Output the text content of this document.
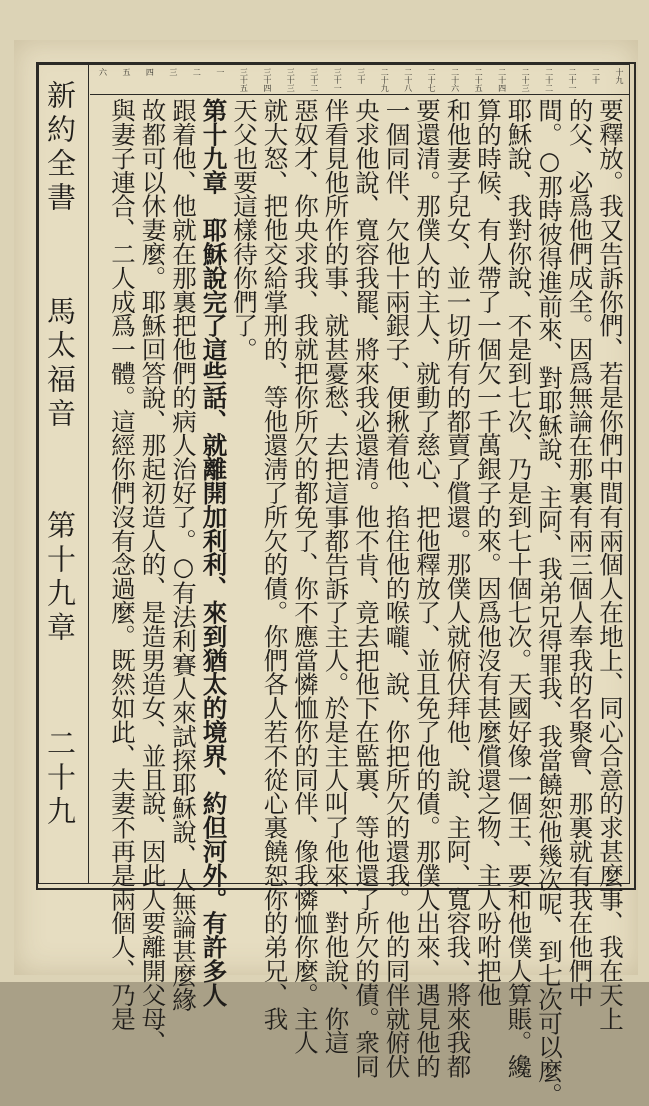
新約全書
馬太福音
第十九章
二十九
十九
二十
二十一
二十二
二十三
二十四
二十五
二十六
二十七
二十八
二十九
三十
三十一
三十二
三十三
三十四
三十五
一
二
三
四
五
六
要釋放。我又告訴你們、若是你們中間有兩個人在地上、同心合意的求甚麼事、我在天上
的父、必爲他們成全。因爲無論在那裏有兩三個人奉我的名聚會、那裏就有我在他們中
間。○那時彼得進前來、對耶穌說、主阿、我弟兄得罪我、我當饒恕他幾次呢、到七次可以麼。
耶穌說、我對你說、不是到七次、乃是到七十個七次。天國好像一個王、要和他僕人算賬。纔
算的時候、有人帶了一個欠一千萬銀子的來。因爲他沒有甚麼償還之物、主人吩咐把他
和他妻子兒女、並一切所有的都賣了償還。那僕人就俯伏拜他、說、主阿、寬容我、將來我都
要還清。那僕人的主人、就動了慈心、把他釋放了、並且免了他的債。那僕人出來、遇見他的
一個同伴、欠他十兩銀子、便揪着他、掐住他的喉嚨、說、你把所欠的還我。他的同伴就俯伏
央求他說、寬容我罷、將來我必還清。他不肯、竟去把他下在監裏、等他還了所欠的債。衆同
伴看見他所作的事、就甚憂愁、去把這事都告訴了主人。於是主人叫了他來、對他說、你這
惡奴才、你央求我、我就把你所欠的都免了、你不應當憐恤你的同伴、像我憐恤你麼。主人
就大怒、把他交給掌刑的、等他還淸了所欠的債。你們各人若不從心裏饒恕你的弟兄、我
天父也要這樣待你們了。
第十九章　耶穌說完了這些話、就離開加利利、來到猶太的境界、約但河外。有許多人
跟着他、他就在那裏把他們的病人治好了。○有法利賽人來試探耶穌說、人無論甚麼緣
故都可以休妻麼。耶穌回答說、那起初造人的、是造男造女、並且說、因此人要離開父母、
與妻子連合、二人成爲一體。這經你們沒有念過麼。既然如此、夫妻不再是兩個人、乃是
